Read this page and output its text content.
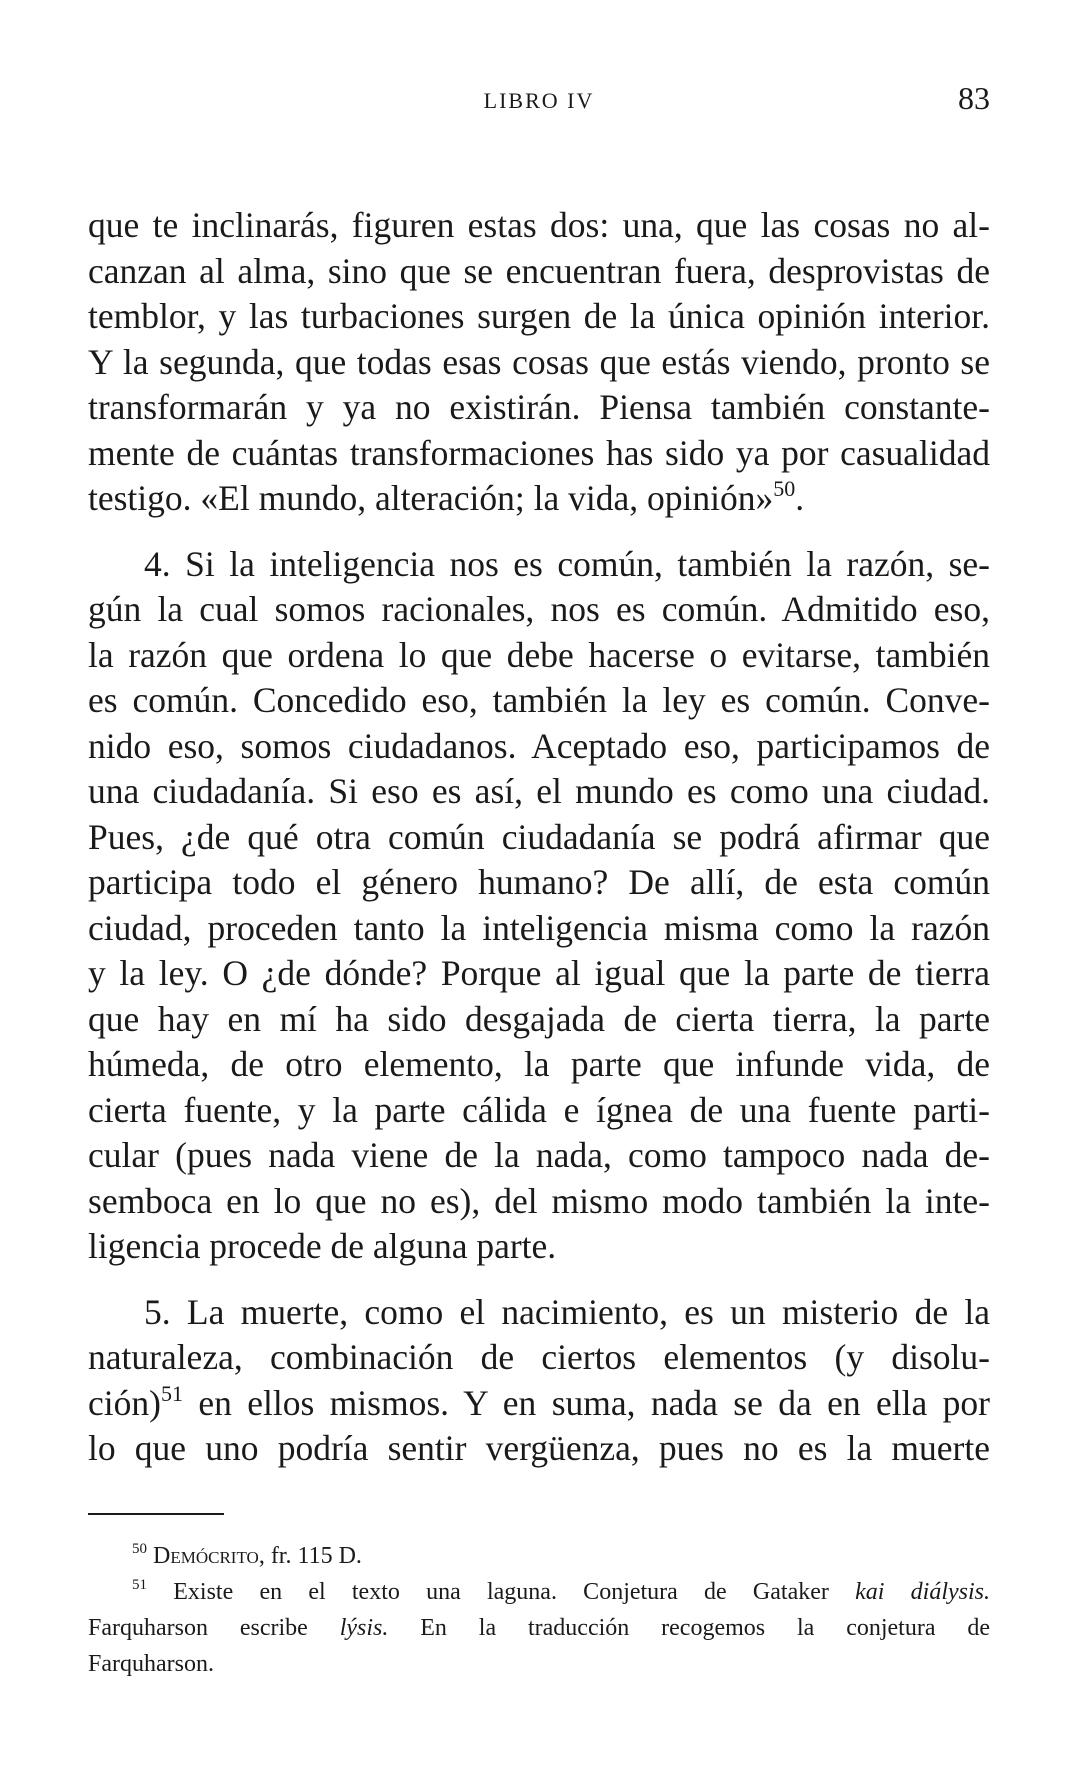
LIBRO IV	83
que te inclinarás, figuren estas dos: una, que las cosas no al-
canzan al alma, sino que se encuentran fuera, desprovistas de
temblor, y las turbaciones surgen de la única opinión interior.
Y la segunda, que todas esas cosas que estás viendo, pronto se
transformarán y ya no existirán. Piensa también constante-
mente de cuántas transformaciones has sido ya por casualidad
testigo. «El mundo, alteración; la vida, opinión»$^{50}$.
4. Si la inteligencia nos es común, también la razón, se-
gún la cual somos racionales, nos es común. Admitido eso,
la razón que ordena lo que debe hacerse o evitarse, también
es común. Concedido eso, también la ley es común. Conve-
nido eso, somos ciudadanos. Aceptado eso, participamos de
una ciudadanía. Si eso es así, el mundo es como una ciudad.
Pues, ¿de qué otra común ciudadanía se podrá afirmar que
participa todo el género humano? De allí, de esta común
ciudad, proceden tanto la inteligencia misma como la razón
y la ley. O ¿de dónde? Porque al igual que la parte de tierra
que hay en mí ha sido desgajada de cierta tierra, la parte
húmeda, de otro elemento, la parte que infunde vida, de
cierta fuente, y la parte cálida e ígnea de una fuente parti-
cular (pues nada viene de la nada, como tampoco nada de-
semboca en lo que no es), del mismo modo también la inte-
ligencia procede de alguna parte.
5. La muerte, como el nacimiento, es un misterio de la
naturaleza, combinación de ciertos elementos (y disolu-
ción)$^{51}$ en ellos mismos. Y en suma, nada se da en ella por
lo que uno podría sentir vergüenza, pues no es la muerte
$^{50}$ Demócrito, fr. 115 D.
$^{51}$ Existe en el texto una laguna. Conjetura de Gataker kai diálysis.
Farquharson escribe lýsis. En la traducción recogemos la conjetura de
Farquharson.
